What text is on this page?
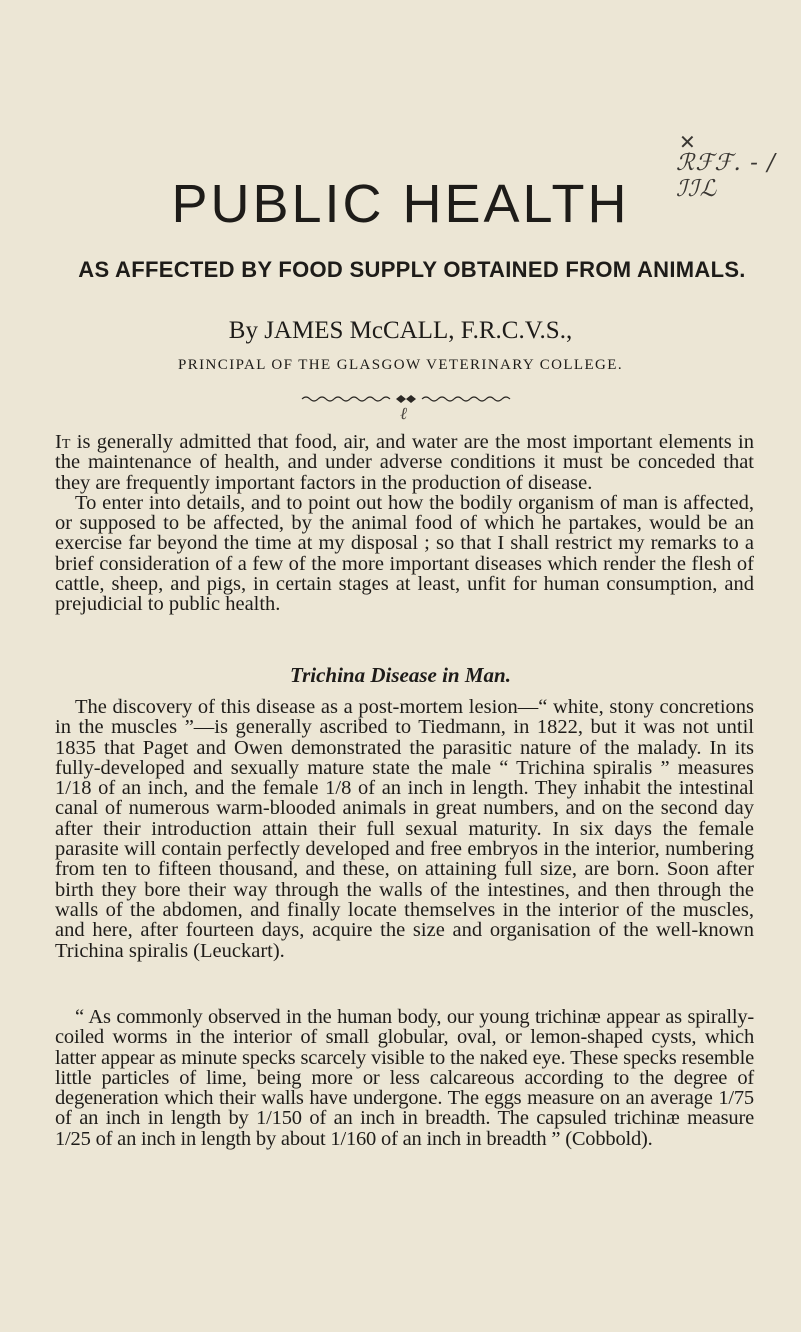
✕
ℛℱℱ. - /ℐℐℒ
PUBLIC HEALTH
AS AFFECTED BY FOOD SUPPLY OBTAINED FROM ANIMALS.

By JAMES McCALL, F.R.C.V.S.,

PRINCIPAL OF THE GLASGOW VETERINARY COLLEGE.

ℓ

It is generally admitted that food, air, and water are the most important elements in the maintenance of health, and under adverse conditions it must be conceded that they are frequently important factors in the production of disease.

To enter into details, and to point out how the bodily organism of man is affected, or supposed to be affected, by the animal food of which he partakes, would be an exercise far beyond the time at my disposal ; so that I shall restrict my remarks to a brief consideration of a few of the more important diseases which render the flesh of cattle, sheep, and pigs, in certain stages at least, unfit for human consumption, and prejudicial to public health.

Trichina Disease in Man.

The discovery of this disease as a post-mortem lesion—“ white, stony concretions in the muscles ”—is generally ascribed to Tiedmann, in 1822, but it was not until 1835 that Paget and Owen demonstrated the parasitic nature of the malady. In its fully-developed and sexually mature state the male “ Trichina spiralis ” measures 1/18 of an inch, and the female 1/8 of an inch in length. They inhabit the intestinal canal of numerous warm-blooded animals in great numbers, and on the second day after their introduction attain their full sexual maturity. In six days the female parasite will contain perfectly developed and free embryos in the interior, numbering from ten to fifteen thousand, and these, on attaining full size, are born. Soon after birth they bore their way through the walls of the intestines, and then through the walls of the abdomen, and finally locate themselves in the interior of the muscles, and here, after fourteen days, acquire the size and organisation of the well-known Trichina spiralis (Leuckart).

“ As commonly observed in the human body, our young trichinæ appear as spirally-coiled worms in the interior of small globular, oval, or lemon-shaped cysts, which latter appear as minute specks scarcely visible to the naked eye. These specks resemble little particles of lime, being more or less calcareous according to the degree of degeneration which their walls have undergone. The eggs measure on an average 1/75 of an inch in length by 1/150 of an inch in breadth. The capsuled trichinæ measure 1/25 of an inch in length by about 1/160 of an inch in breadth ” (Cobbold).
